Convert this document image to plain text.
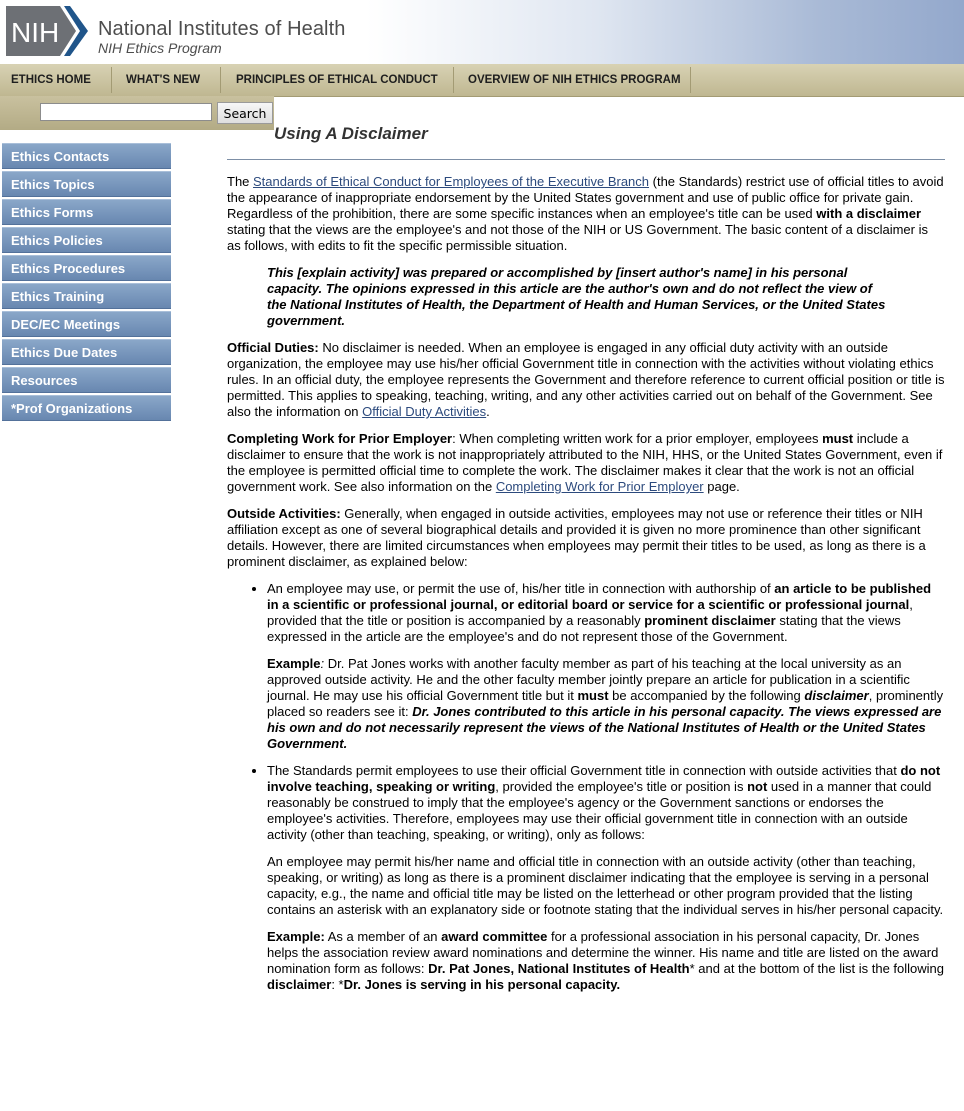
NIH National Institutes of Health
NIH Ethics Program
ETHICS HOME	WHAT'S NEW	PRINCIPLES OF ETHICAL CONDUCT	OVERVIEW OF NIH ETHICS PROGRAM
Search
Ethics Contacts
Ethics Topics
Ethics Forms
Ethics Policies
Ethics Procedures
Ethics Training
DEC/EC Meetings
Ethics Due Dates
Resources
*Prof Organizations
Using A Disclaimer

The Standards of Ethical Conduct for Employees of the Executive Branch (the Standards) restrict use of official titles to avoid the appearance of inappropriate endorsement by the United States government and use of public office for private gain. Regardless of the prohibition, there are some specific instances when an employee's title can be used with a disclaimer stating that the views are the employee's and not those of the NIH or US Government. The basic content of a disclaimer is as follows, with edits to fit the specific permissible situation.

This [explain activity] was prepared or accomplished by [insert author's name] in his personal capacity. The opinions expressed in this article are the author's own and do not reflect the view of the National Institutes of Health, the Department of Health and Human Services, or the United States government.

Official Duties: No disclaimer is needed. When an employee is engaged in any official duty activity with an outside organization, the employee may use his/her official Government title in connection with the activities without violating ethics rules. In an official duty, the employee represents the Government and therefore reference to current official position or title is permitted. This applies to speaking, teaching, writing, and any other activities carried out on behalf of the Government. See also the information on Official Duty Activities.

Completing Work for Prior Employer: When completing written work for a prior employer, employees must include a disclaimer to ensure that the work is not inappropriately attributed to the NIH, HHS, or the United States Government, even if the employee is permitted official time to complete the work. The disclaimer makes it clear that the work is not an official government work. See also information on the Completing Work for Prior Employer page.

Outside Activities: Generally, when engaged in outside activities, employees may not use or reference their titles or NIH affiliation except as one of several biographical details and provided it is given no more prominence than other significant details. However, there are limited circumstances when employees may permit their titles to be used, as long as there is a prominent disclaimer, as explained below:

• An employee may use, or permit the use of, his/her title in connection with authorship of an article to be published in a scientific or professional journal, or editorial board or service for a scientific or professional journal, provided that the title or position is accompanied by a reasonably prominent disclaimer stating that the views expressed in the article are the employee's and do not represent those of the Government.

Example: Dr. Pat Jones works with another faculty member as part of his teaching at the local university as an approved outside activity. He and the other faculty member jointly prepare an article for publication in a scientific journal. He may use his official Government title but it must be accompanied by the following disclaimer, prominently placed so readers see it: Dr. Jones contributed to this article in his personal capacity. The views expressed are his own and do not necessarily represent the views of the National Institutes of Health or the United States Government.

• The Standards permit employees to use their official Government title in connection with outside activities that do not involve teaching, speaking or writing, provided the employee's title or position is not used in a manner that could reasonably be construed to imply that the employee's agency or the Government sanctions or endorses the employee's activities. Therefore, employees may use their official government title in connection with an outside activity (other than teaching, speaking, or writing), only as follows:

An employee may permit his/her name and official title in connection with an outside activity (other than teaching, speaking, or writing) as long as there is a prominent disclaimer indicating that the employee is serving in a personal capacity, e.g., the name and official title may be listed on the letterhead or other program provided that the listing contains an asterisk with an explanatory side or footnote stating that the individual serves in his/her personal capacity.

Example: As a member of an award committee for a professional association in his personal capacity, Dr. Jones helps the association review award nominations and determine the winner. His name and title are listed on the award nomination form as follows: Dr. Pat Jones, National Institutes of Health* and at the bottom of the list is the following disclaimer: *Dr. Jones is serving in his personal capacity.
